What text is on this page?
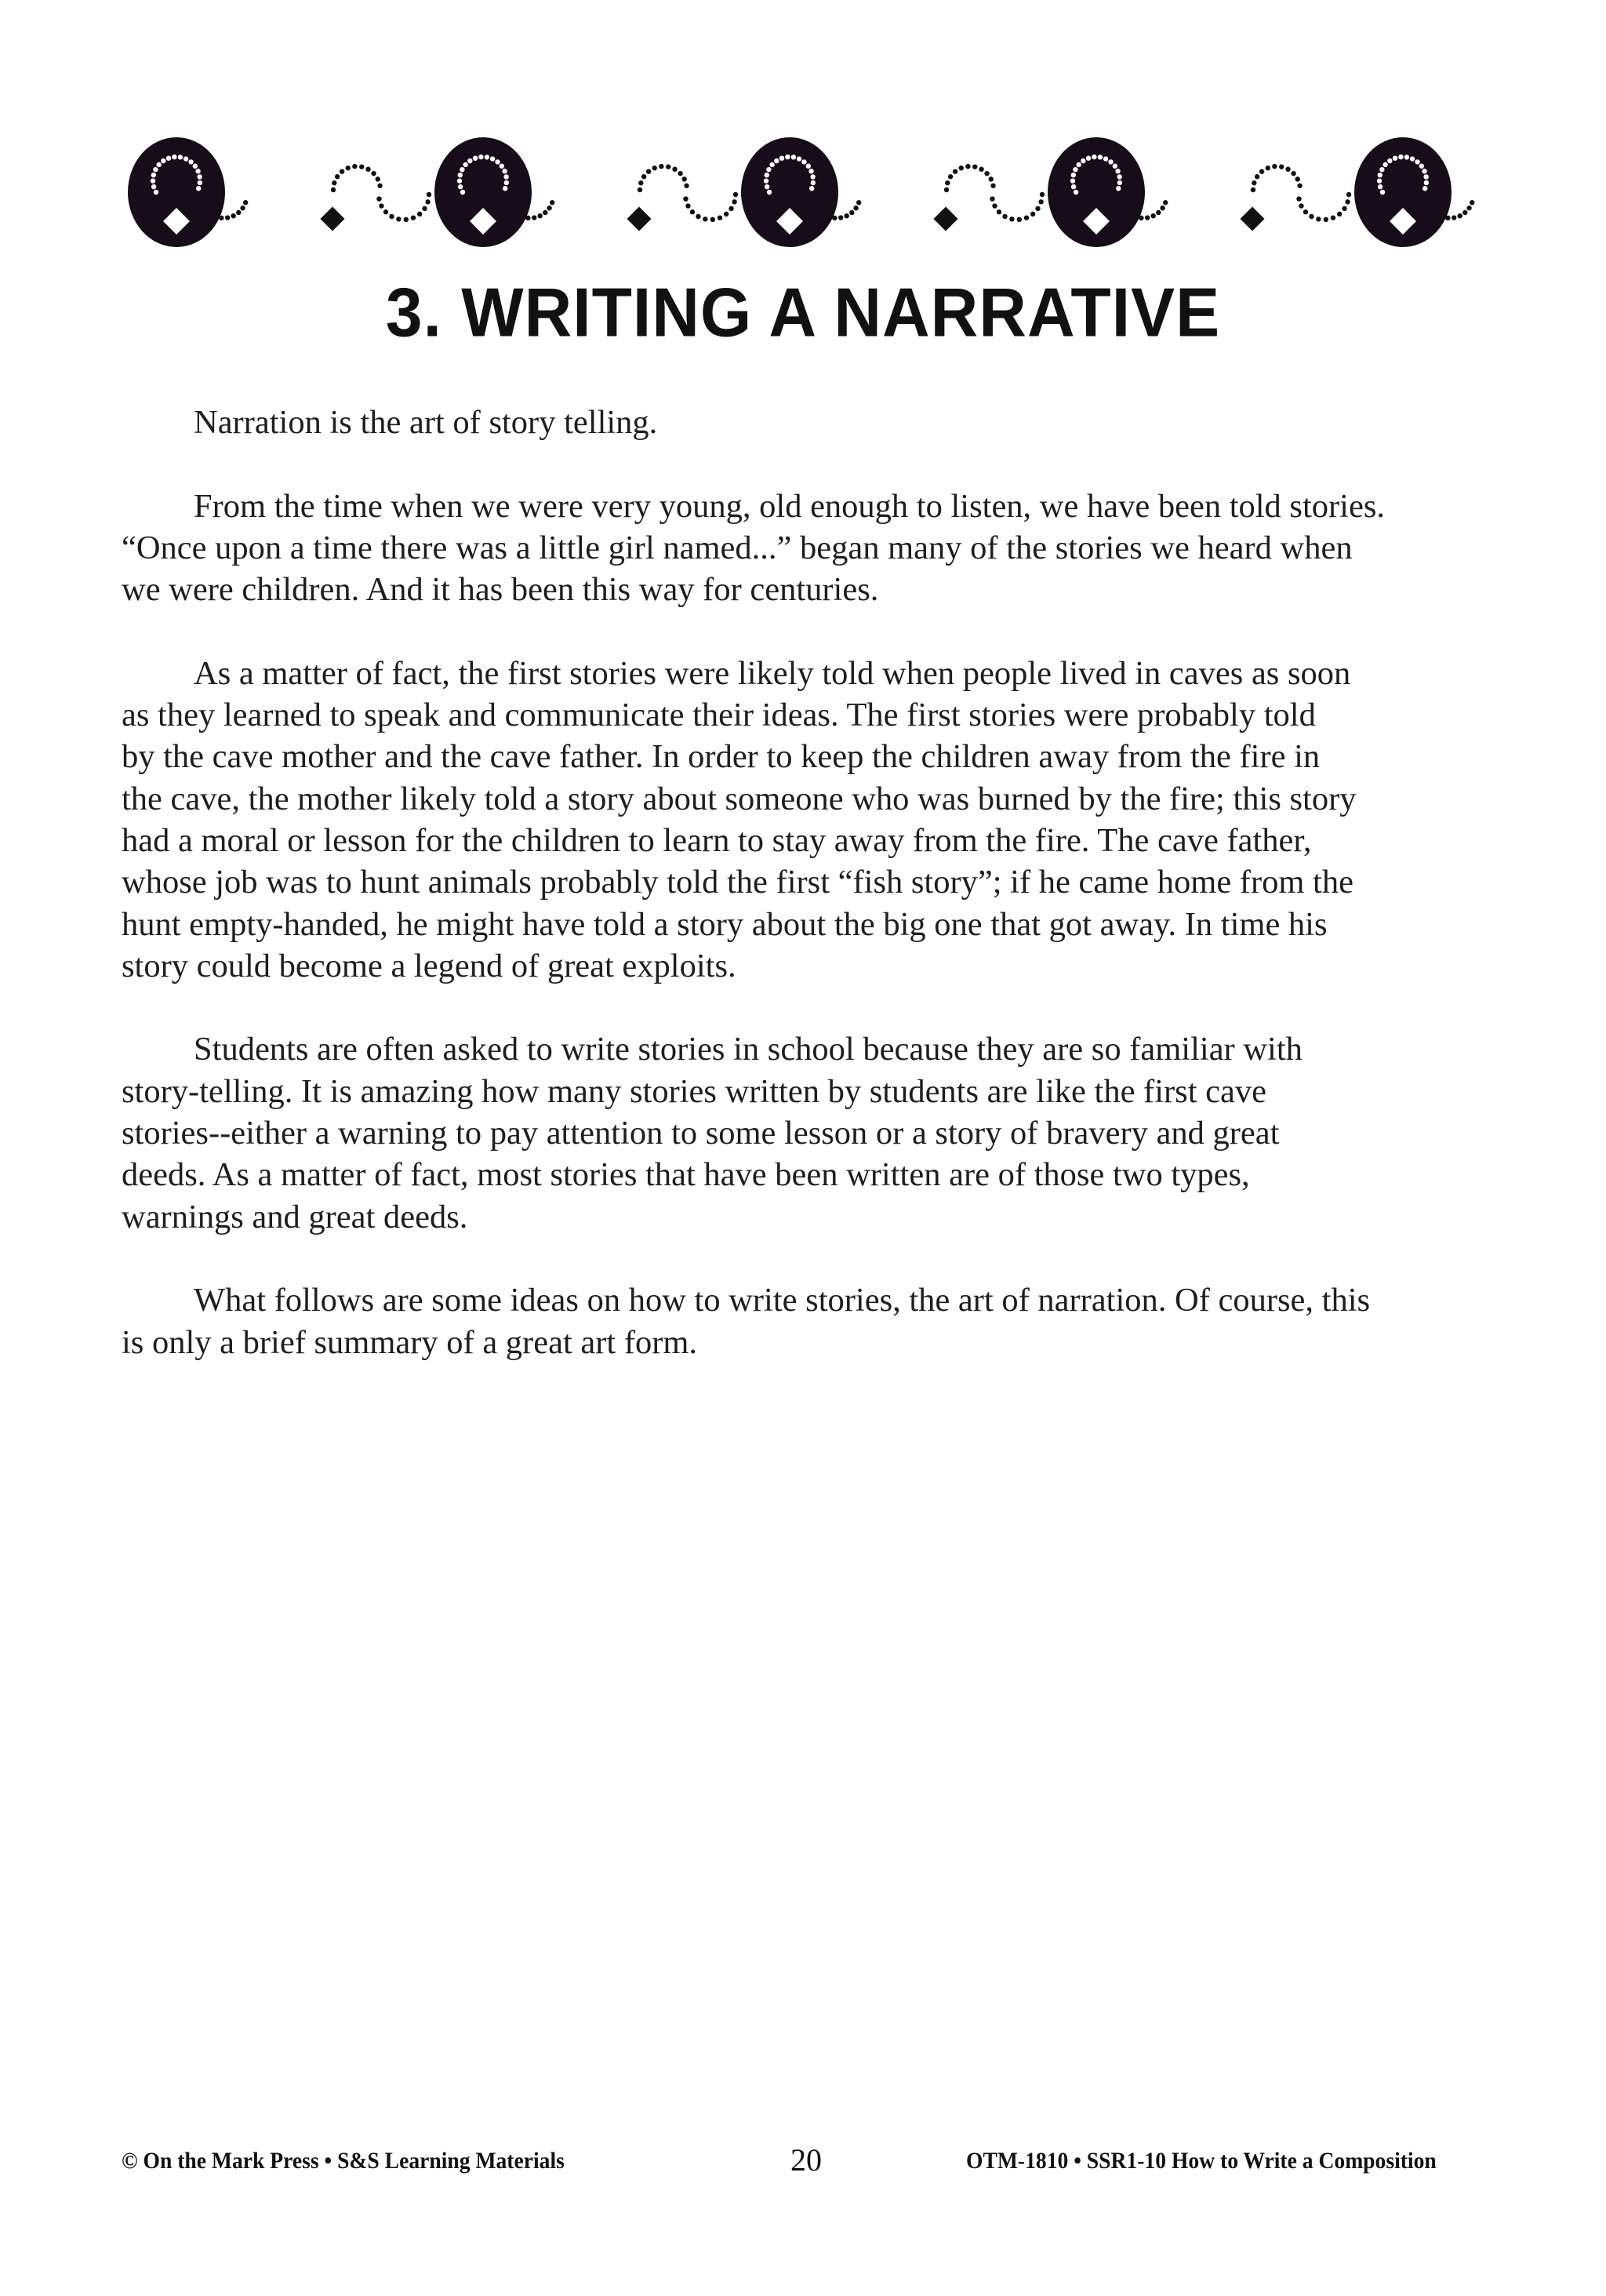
3. WRITING A NARRATIVE
Narration is the art of story telling.
From the time when we were very young, old enough to listen, we have been told stories.
“Once upon a time there was a little girl named...” began many of the stories we heard when
we were children. And it has been this way for centuries.
As a matter of fact, the first stories were likely told when people lived in caves as soon
as they learned to speak and communicate their ideas. The first stories were probably told
by the cave mother and the cave father. In order to keep the children away from the fire in
the cave, the mother likely told a story about someone who was burned by the fire; this story
had a moral or lesson for the children to learn to stay away from the fire. The cave father,
whose job was to hunt animals probably told the first “fish story”; if he came home from the
hunt empty-handed, he might have told a story about the big one that got away. In time his
story could become a legend of great exploits.
Students are often asked to write stories in school because they are so familiar with
story-telling. It is amazing how many stories written by students are like the first cave
stories--either a warning to pay attention to some lesson or a story of bravery and great
deeds. As a matter of fact, most stories that have been written are of those two types,
warnings and great deeds.
What follows are some ideas on how to write stories, the art of narration. Of course, this
is only a brief summary of a great art form.
© On the Mark Press • S&S Learning Materials	20	OTM-1810 • SSR1-10 How to Write a Composition
